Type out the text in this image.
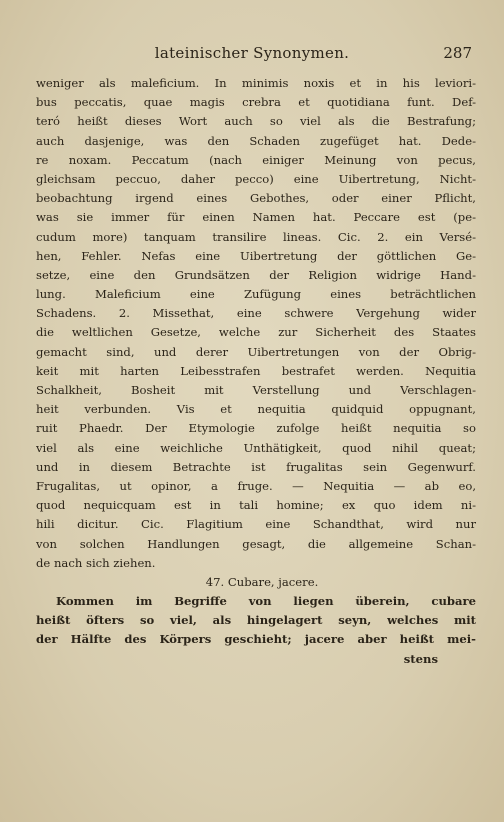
lateinischer Synonymen.	287
weniger als maleficium. In minimis noxis et in his leviori-
bus peccatis, quae magis crebra et quotidiana funt. Def-
teró heißt dieses Wort auch so viel als die Bestrafung;
auch dasjenige, was den Schaden zugefüget hat. Dede-
re noxam. Peccatum (nach einiger Meinung von pecus,
gleichsam peccuo, daher pecco) eine Uibertretung, Nicht-
beobachtung irgend eines Gebothes, oder einer Pflicht,
was sie immer für einen Namen hat. Peccare est (pe-
cudum more) tanquam transilire lineas. Cic. 2. ein Versé-
hen, Fehler. Nefas eine Uibertretung der göttlichen Ge-
setze, eine den Grundsätzen der Religion widrige Hand-
lung. Maleficium eine Zufügung eines beträchtlichen
Schadens. 2. Missethat, eine schwere Vergehung wider
die weltlichen Gesetze, welche zur Sicherheit des Staates
gemacht sind, und derer Uibertretungen von der Obrig-
keit mit harten Leibesstrafen bestrafet werden. Nequitia
Schalkheit, Bosheit mit Verstellung und Verschlagen-
heit verbunden. Vis et nequitia quidquid oppugnant,
ruit Phaedr. Der Etymologie zufolge heißt nequitia so
viel als eine weichliche Unthätigkeit, quod nihil queat;
und in diesem Betrachte ist frugalitas sein Gegenwurf.
Frugalitas, ut opinor, a fruge. — Nequitia — ab eo,
quod nequicquam est in tali homine; ex quo idem ni-
hili dicitur. Cic. Flagitium eine Schandthat, wird nur
von solchen Handlungen gesagt, die allgemeine Schan-
de nach sich ziehen.
47. Cubare, jacere.
Kommen im Begriffe von liegen überein, cubare
heißt öfters so viel, als hingelagert seyn, welches mit
der Hälfte des Körpers geschieht; jacere aber heißt mei-
stens
